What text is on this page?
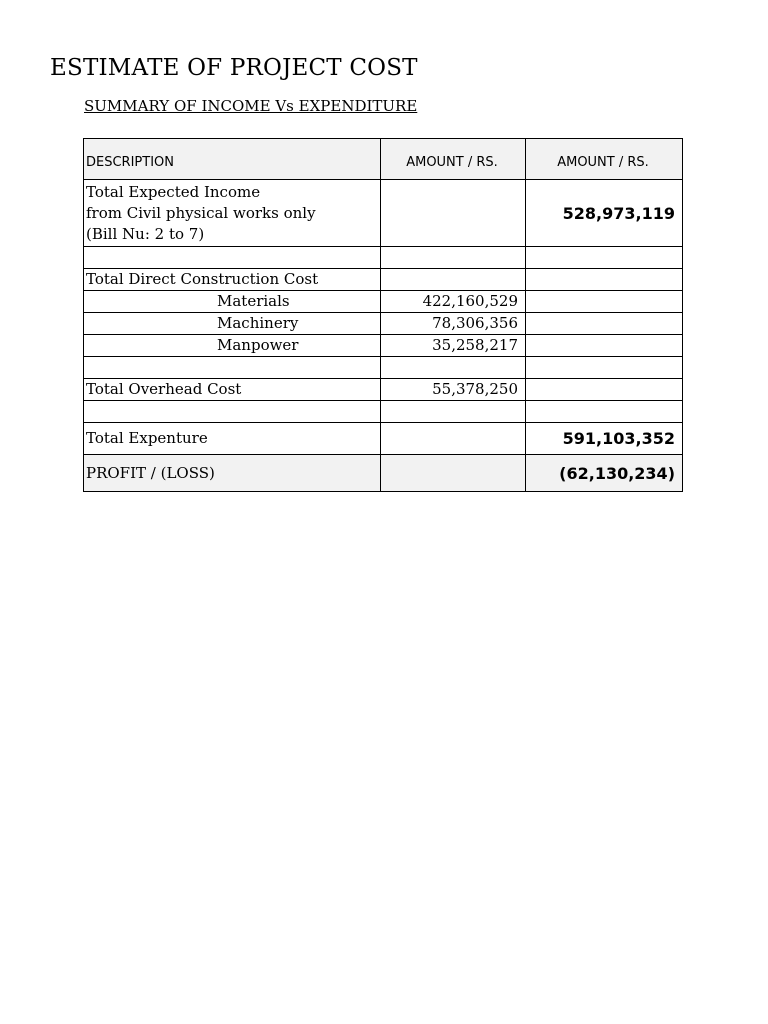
ESTIMATE OF PROJECT COST
SUMMARY OF INCOME Vs EXPENDITURE
DESCRIPTION	AMOUNT / RS.	AMOUNT / RS.

Total Expected Income
from Civil physical works only
(Bill Nu: 2 to 7)		528,973,119

Total Direct Construction Cost		
Materials	422,160,529	
Machinery	78,306,356	
Manpower	35,258,217	

Total Overhead Cost	55,378,250	

Total Expenture		591,103,352
PROFIT / (LOSS)		(62,130,234)
